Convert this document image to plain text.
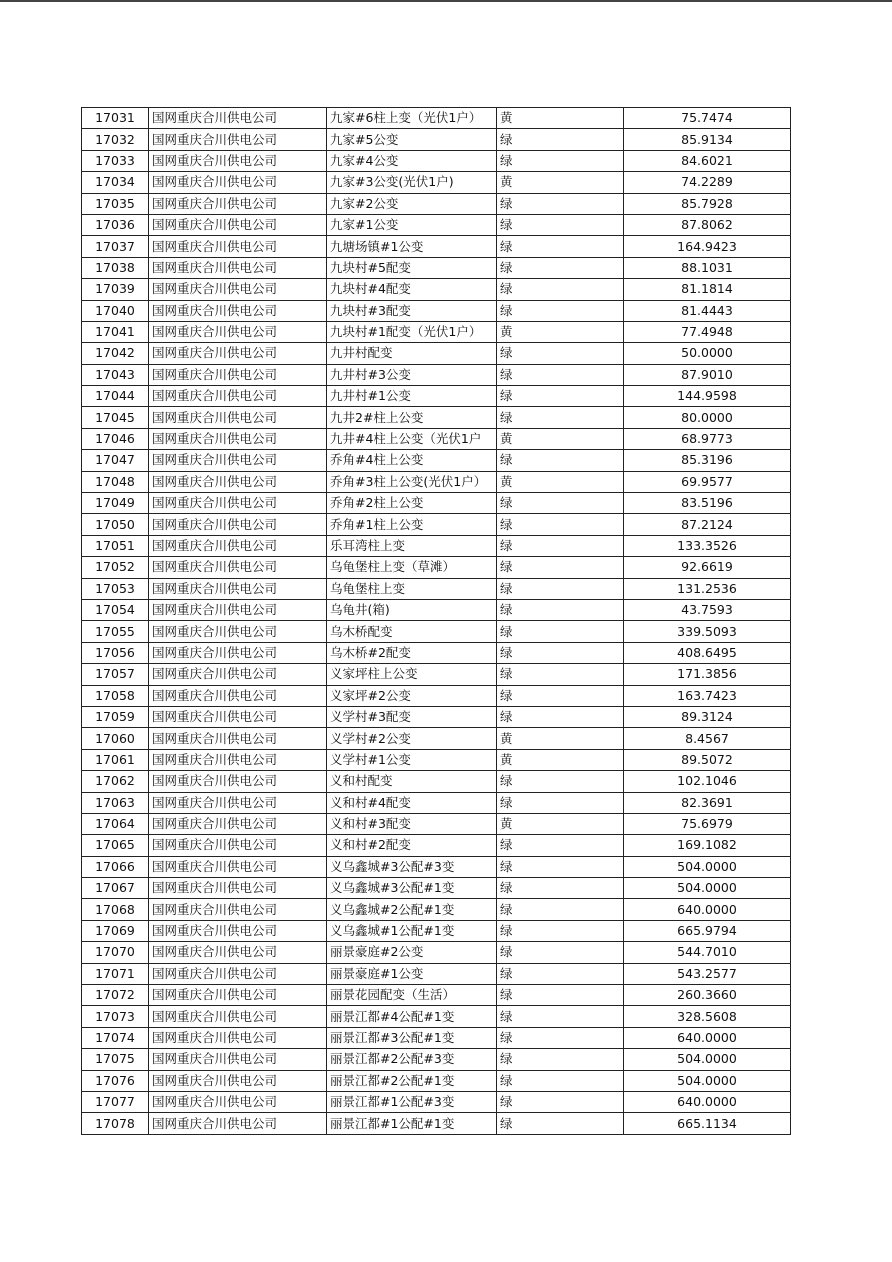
17031	国网重庆合川供电公司	九家#6柱上变（光伏1户）	黄	75.7474
17032	国网重庆合川供电公司	九家#5公变	绿	85.9134
17033	国网重庆合川供电公司	九家#4公变	绿	84.6021
17034	国网重庆合川供电公司	九家#3公变(光伏1户)	黄	74.2289
17035	国网重庆合川供电公司	九家#2公变	绿	85.7928
17036	国网重庆合川供电公司	九家#1公变	绿	87.8062
17037	国网重庆合川供电公司	九塘场镇#1公变	绿	164.9423
17038	国网重庆合川供电公司	九块村#5配变	绿	88.1031
17039	国网重庆合川供电公司	九块村#4配变	绿	81.1814
17040	国网重庆合川供电公司	九块村#3配变	绿	81.4443
17041	国网重庆合川供电公司	九块村#1配变（光伏1户）	黄	77.4948
17042	国网重庆合川供电公司	九井村配变	绿	50.0000
17043	国网重庆合川供电公司	九井村#3公变	绿	87.9010
17044	国网重庆合川供电公司	九井村#1公变	绿	144.9598
17045	国网重庆合川供电公司	九井2#柱上公变	绿	80.0000
17046	国网重庆合川供电公司	九井#4柱上公变（光伏1户	黄	68.9773
17047	国网重庆合川供电公司	乔角#4柱上公变	绿	85.3196
17048	国网重庆合川供电公司	乔角#3柱上公变(光伏1户）	黄	69.9577
17049	国网重庆合川供电公司	乔角#2柱上公变	绿	83.5196
17050	国网重庆合川供电公司	乔角#1柱上公变	绿	87.2124
17051	国网重庆合川供电公司	乐耳湾柱上变	绿	133.3526
17052	国网重庆合川供电公司	乌龟堡柱上变（草滩）	绿	92.6619
17053	国网重庆合川供电公司	乌龟堡柱上变	绿	131.2536
17054	国网重庆合川供电公司	乌龟井(箱)	绿	43.7593
17055	国网重庆合川供电公司	乌木桥配变	绿	339.5093
17056	国网重庆合川供电公司	乌木桥#2配变	绿	408.6495
17057	国网重庆合川供电公司	义家坪柱上公变	绿	171.3856
17058	国网重庆合川供电公司	义家坪#2公变	绿	163.7423
17059	国网重庆合川供电公司	义学村#3配变	绿	89.3124
17060	国网重庆合川供电公司	义学村#2公变	黄	8.4567
17061	国网重庆合川供电公司	义学村#1公变	黄	89.5072
17062	国网重庆合川供电公司	义和村配变	绿	102.1046
17063	国网重庆合川供电公司	义和村#4配变	绿	82.3691
17064	国网重庆合川供电公司	义和村#3配变	黄	75.6979
17065	国网重庆合川供电公司	义和村#2配变	绿	169.1082
17066	国网重庆合川供电公司	义乌鑫城#3公配#3变	绿	504.0000
17067	国网重庆合川供电公司	义乌鑫城#3公配#1变	绿	504.0000
17068	国网重庆合川供电公司	义乌鑫城#2公配#1变	绿	640.0000
17069	国网重庆合川供电公司	义乌鑫城#1公配#1变	绿	665.9794
17070	国网重庆合川供电公司	丽景豪庭#2公变	绿	544.7010
17071	国网重庆合川供电公司	丽景豪庭#1公变	绿	543.2577
17072	国网重庆合川供电公司	丽景花园配变（生活）	绿	260.3660
17073	国网重庆合川供电公司	丽景江都#4公配#1变	绿	328.5608
17074	国网重庆合川供电公司	丽景江都#3公配#1变	绿	640.0000
17075	国网重庆合川供电公司	丽景江都#2公配#3变	绿	504.0000
17076	国网重庆合川供电公司	丽景江都#2公配#1变	绿	504.0000
17077	国网重庆合川供电公司	丽景江都#1公配#3变	绿	640.0000
17078	国网重庆合川供电公司	丽景江都#1公配#1变	绿	665.1134
